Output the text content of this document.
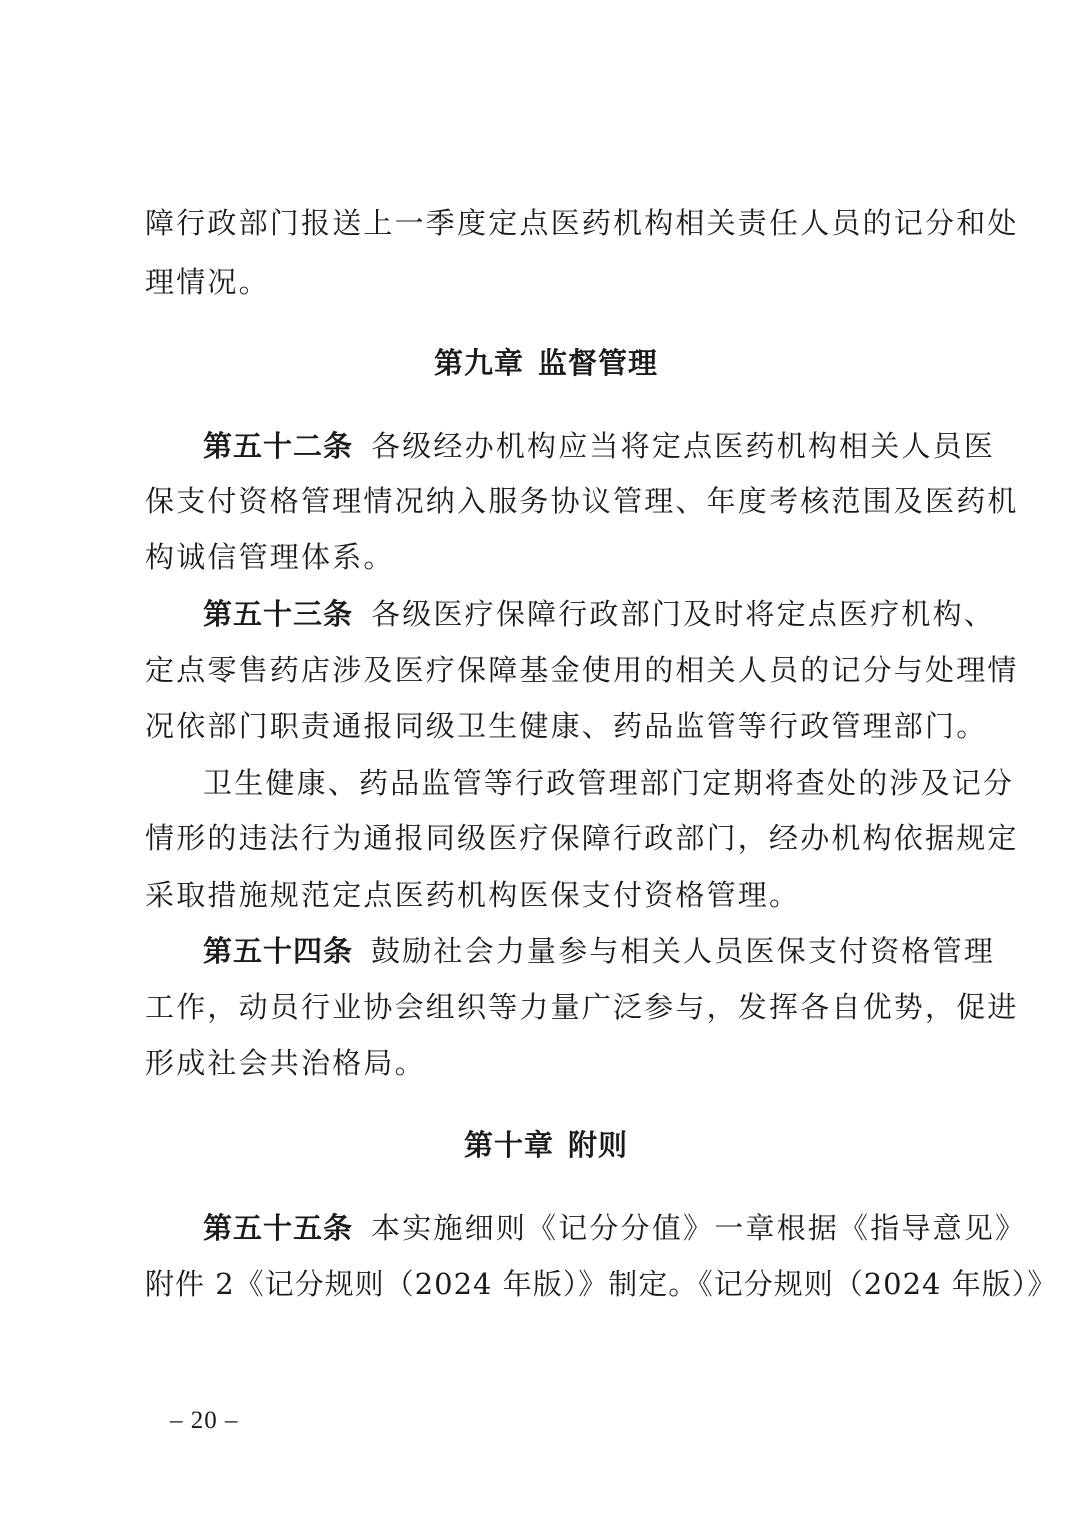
障行政部门报送上一季度定点医药机构相关责任人员的记分和处
理情况。
第九章 监督管理
第五十二条 各级经办机构应当将定点医药机构相关人员医
保支付资格管理情况纳入服务协议管理、年度考核范围及医药机
构诚信管理体系。
第五十三条 各级医疗保障行政部门及时将定点医疗机构、
定点零售药店涉及医疗保障基金使用的相关人员的记分与处理情
况依部门职责通报同级卫生健康、药品监管等行政管理部门。
卫生健康、药品监管等行政管理部门定期将查处的涉及记分
情形的违法行为通报同级医疗保障行政部门，经办机构依据规定
采取措施规范定点医药机构医保支付资格管理。
第五十四条 鼓励社会力量参与相关人员医保支付资格管理
工作，动员行业协会组织等力量广泛参与，发挥各自优势，促进
形成社会共治格局。
第十章 附则
第五十五条 本实施细则《记分分值》一章根据《指导意见》
附件 2《记分规则（2024 年版）》制定。《记分规则（2024 年版）》
– 20 –
